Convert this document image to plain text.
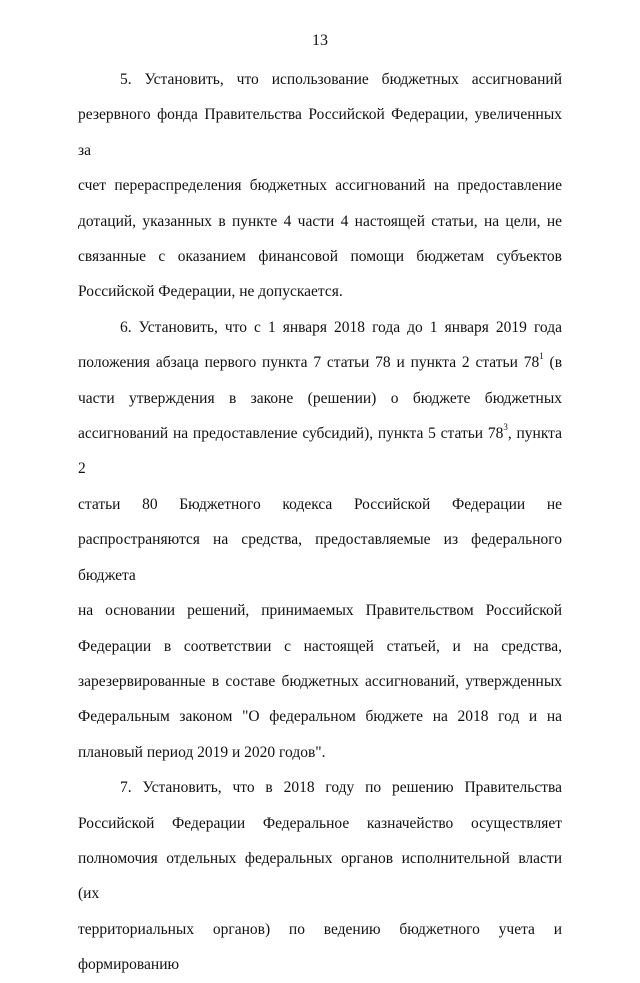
13

5. Установить, что использование бюджетных ассигнований
резервного фонда Правительства Российской Федерации, увеличенных за
счет перераспределения бюджетных ассигнований на предоставление
дотаций, указанных в пункте 4 части 4 настоящей статьи, на цели, не
связанные с оказанием финансовой помощи бюджетам субъектов
Российской Федерации, не допускается.

6. Установить, что с 1 января 2018 года до 1 января 2019 года
положения абзаца первого пункта 7 статьи 78 и пункта 2 статьи $78^1$ (в
части утверждения в законе (решении) о бюджете бюджетных
ассигнований на предоставление субсидий), пункта 5 статьи $78^3$, пункта 2
статьи 80 Бюджетного кодекса Российской Федерации не
распространяются на средства, предоставляемые из федерального бюджета
на основании решений, принимаемых Правительством Российской
Федерации в соответствии с настоящей статьей, и на средства,
зарезервированные в составе бюджетных ассигнований, утвержденных
Федеральным законом "О федеральном бюджете на 2018 год и на
плановый период 2019 и 2020 годов".

7. Установить, что в 2018 году по решению Правительства
Российской Федерации Федеральное казначейство осуществляет
полномочия отдельных федеральных органов исполнительной власти (их
территориальных органов) по ведению бюджетного учета и формированию
